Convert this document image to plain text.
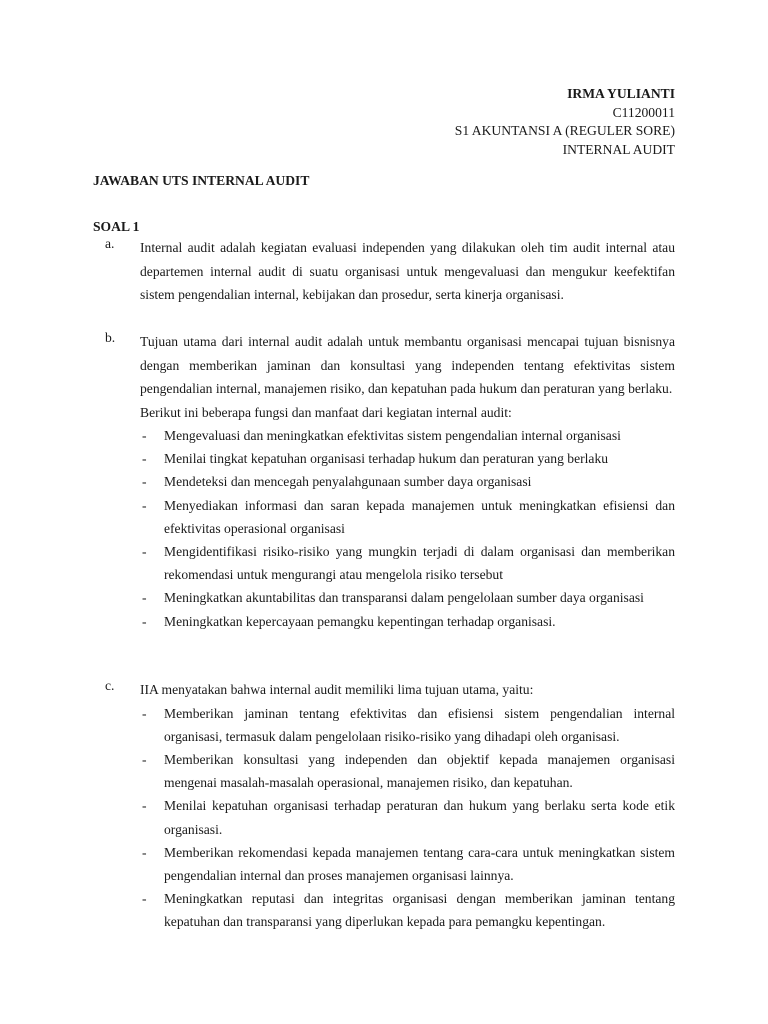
IRMA YULIANTI
C11200011
S1 AKUNTANSI A (REGULER SORE)
INTERNAL AUDIT
JAWABAN UTS INTERNAL AUDIT
SOAL 1
a.	Internal audit adalah kegiatan evaluasi independen yang dilakukan oleh tim audit internal atau departemen internal audit di suatu organisasi untuk mengevaluasi dan mengukur keefektifan sistem pengendalian internal, kebijakan dan prosedur, serta kinerja organisasi.
b.	Tujuan utama dari internal audit adalah untuk membantu organisasi mencapai tujuan bisnisnya dengan memberikan jaminan dan konsultasi yang independen tentang efektivitas sistem pengendalian internal, manajemen risiko, dan kepatuhan pada hukum dan peraturan yang berlaku.
Berikut ini beberapa fungsi dan manfaat dari kegiatan internal audit:
-	Mengevaluasi dan meningkatkan efektivitas sistem pengendalian internal organisasi
-	Menilai tingkat kepatuhan organisasi terhadap hukum dan peraturan yang berlaku
-	Mendeteksi dan mencegah penyalahgunaan sumber daya organisasi
-	Menyediakan informasi dan saran kepada manajemen untuk meningkatkan efisiensi dan efektivitas operasional organisasi
-	Mengidentifikasi risiko-risiko yang mungkin terjadi di dalam organisasi dan memberikan rekomendasi untuk mengurangi atau mengelola risiko tersebut
-	Meningkatkan akuntabilitas dan transparansi dalam pengelolaan sumber daya organisasi
-	Meningkatkan kepercayaan pemangku kepentingan terhadap organisasi.
c.	IIA menyatakan bahwa internal audit memiliki lima tujuan utama, yaitu:
-	Memberikan jaminan tentang efektivitas dan efisiensi sistem pengendalian internal organisasi, termasuk dalam pengelolaan risiko-risiko yang dihadapi oleh organisasi.
-	Memberikan konsultasi yang independen dan objektif kepada manajemen organisasi mengenai masalah-masalah operasional, manajemen risiko, dan kepatuhan.
-	Menilai kepatuhan organisasi terhadap peraturan dan hukum yang berlaku serta kode etik organisasi.
-	Memberikan rekomendasi kepada manajemen tentang cara-cara untuk meningkatkan sistem pengendalian internal dan proses manajemen organisasi lainnya.
-	Meningkatkan reputasi dan integritas organisasi dengan memberikan jaminan tentang kepatuhan dan transparansi yang diperlukan kepada para pemangku kepentingan.
